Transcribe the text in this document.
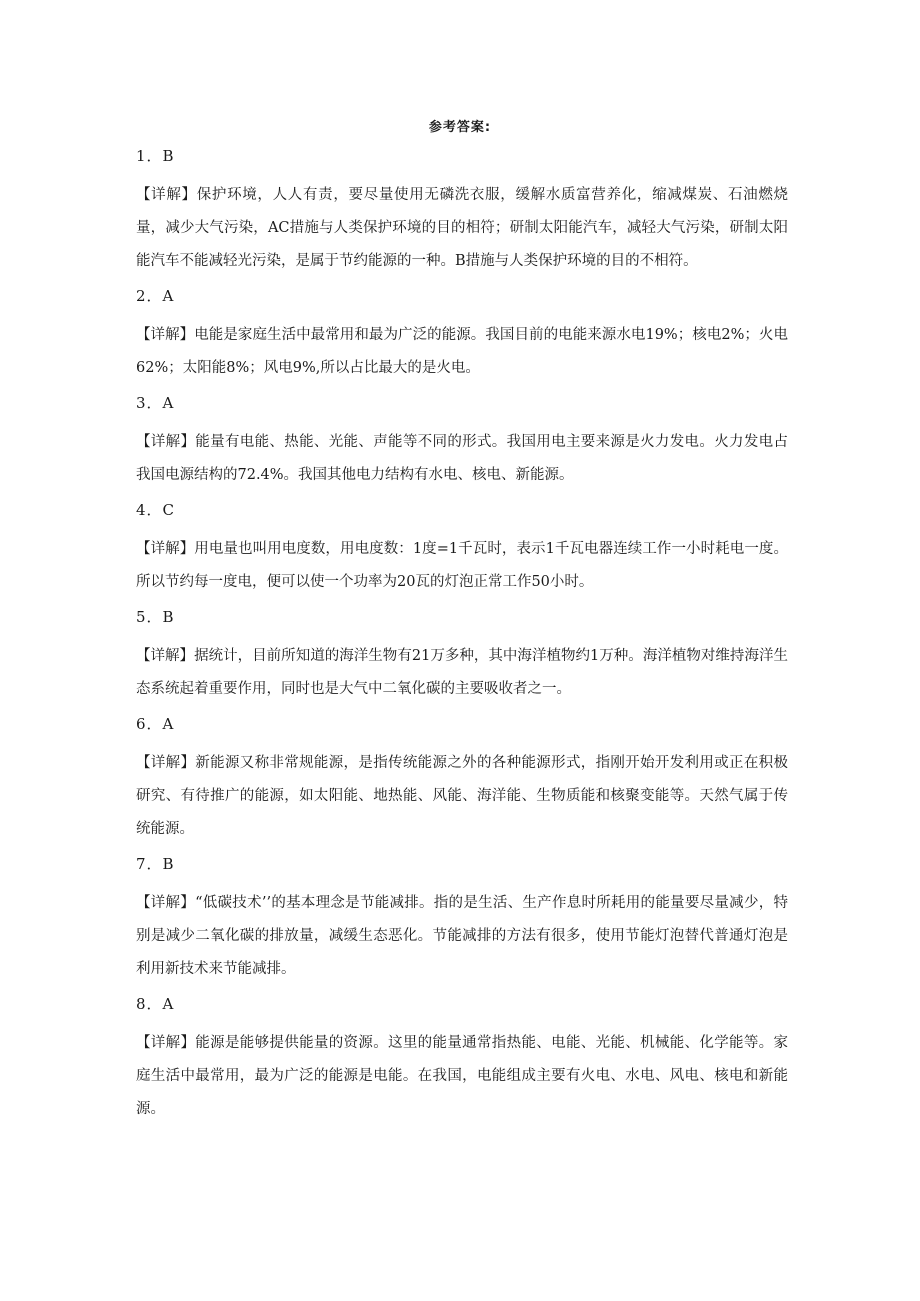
参考答案:

1．B

【详解】保护环境，人人有责，要尽量使用无磷洗衣服，缓解水质富营养化，缩减煤炭、石油燃烧量，减少大气污染，AC措施与人类保护环境的目的相符；研制太阳能汽车，减轻大气污染，研制太阳能汽车不能减轻光污染，是属于节约能源的一种。B措施与人类保护环境的目的不相符。

2．A

【详解】电能是家庭生活中最常用和最为广泛的能源。我国目前的电能来源水电19%；核电2%；火电62%；太阳能8%；风电9%,所以占比最大的是火电。

3．A

【详解】能量有电能、热能、光能、声能等不同的形式。我国用电主要来源是火力发电。火力发电占我国电源结构的72.4%。我国其他电力结构有水电、核电、新能源。

4．C

【详解】用电量也叫用电度数，用电度数：1度=1千瓦时，表示1千瓦电器连续工作一小时耗电一度。所以节约每一度电，便可以使一个功率为20瓦的灯泡正常工作50小时。

5．B

【详解】据统计，目前所知道的海洋生物有21万多种，其中海洋植物约1万种。海洋植物对维持海洋生态系统起着重要作用，同时也是大气中二氧化碳的主要吸收者之一。

6．A

【详解】新能源又称非常规能源，是指传统能源之外的各种能源形式，指刚开始开发利用或正在积极研究、有待推广的能源，如太阳能、地热能、风能、海洋能、生物质能和核聚变能等。天然气属于传统能源。

7．B

【详解】“低碳技术’’的基本理念是节能减排。指的是生活、生产作息时所耗用的能量要尽量减少，特别是减少二氧化碳的排放量，减缓生态恶化。节能减排的方法有很多，使用节能灯泡替代普通灯泡是利用新技术来节能减排。

8．A

【详解】能源是能够提供能量的资源。这里的能量通常指热能、电能、光能、机械能、化学能等。家庭生活中最常用，最为广泛的能源是电能。在我国，电能组成主要有火电、水电、风电、核电和新能源。
